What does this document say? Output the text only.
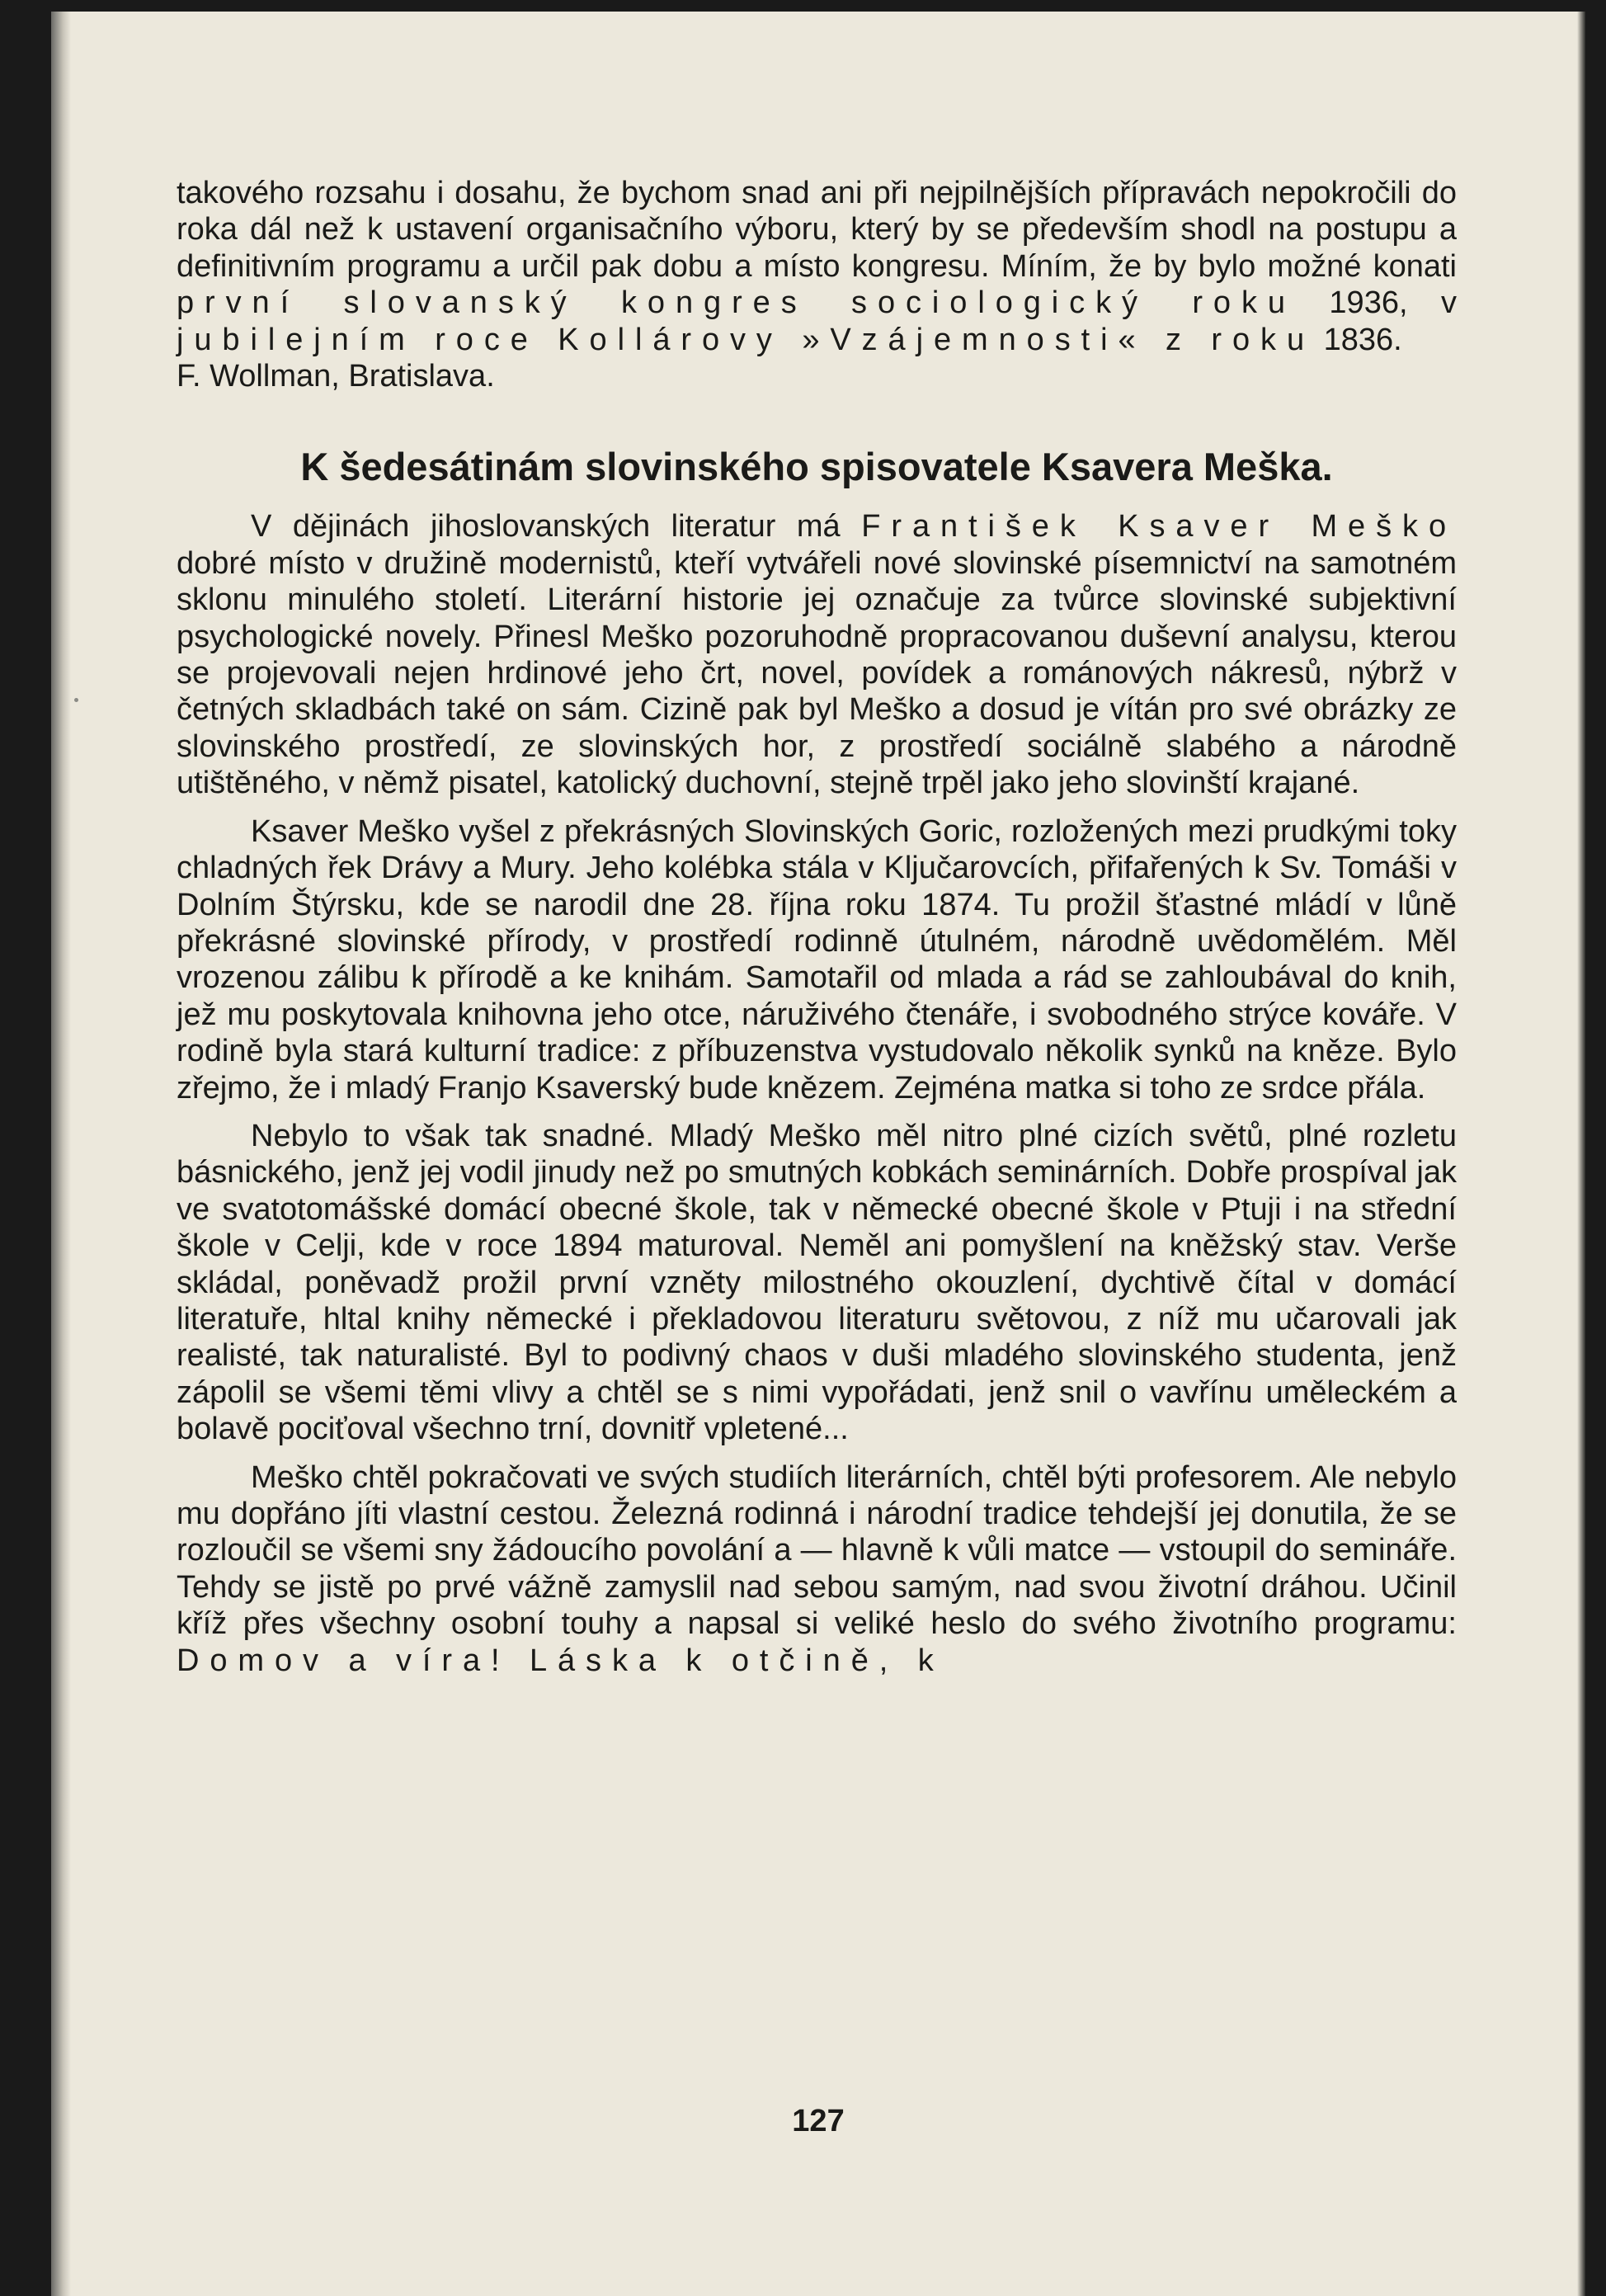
takového rozsahu i dosahu, že bychom snad ani při nejpilnějších přípravách nepokročili do roka dál než k ustavení organisačního výboru, který by se především shodl na postupu a definitivním programu a určil pak dobu a místo kongresu. Míním, že by bylo možné konati první slovanský kongres sociologický roku 1936, v jubilejním roce Kollárovy »Vzájemnosti« z roku 1836.

F. Wollman, Bratislava.

K šedesátinám slovinského spisovatele Ksavera Meška.

V dějinách jihoslovanských literatur má František Ksaver Meško dobré místo v družině modernistů, kteří vytvářeli nové slovinské písemnictví na samotném sklonu minulého století. Literární historie jej označuje za tvůrce slovinské subjektivní psychologické novely. Přinesl Meško pozoruhodně propracovanou duševní analysu, kterou se projevovali nejen hrdinové jeho črt, novel, povídek a románových nákresů, nýbrž v četných skladbách také on sám. Cizině pak byl Meško a dosud je vítán pro své obrázky ze slovinského prostředí, ze slovinských hor, z prostředí sociálně slabého a národně utištěného, v němž pisatel, katolický duchovní, stejně trpěl jako jeho slovinští krajané.

Ksaver Meško vyšel z překrásných Slovinských Goric, rozložených mezi prudkými toky chladných řek Drávy a Mury. Jeho kolébka stála v Ključarovcích, přifařených k Sv. Tomáši v Dolním Štýrsku, kde se narodil dne 28. října roku 1874. Tu prožil šťastné mládí v lůně překrásné slovinské přírody, v prostředí rodinně útulném, národně uvědomělém. Měl vrozenou zálibu k přírodě a ke knihám. Samotařil od mlada a rád se zahloubával do knih, jež mu poskytovala knihovna jeho otce, náruživého čtenáře, i svobodného strýce kováře. V rodině byla stará kulturní tradice: z příbuzenstva vystudovalo několik synků na kněze. Bylo zřejmo, že i mladý Franjo Ksaverský bude knězem. Zejména matka si toho ze srdce přála.

Nebylo to však tak snadné. Mladý Meško měl nitro plné cizích světů, plné rozletu básnického, jenž jej vodil jinudy než po smutných kobkách seminárních. Dobře prospíval jak ve svatotomášské domácí obecné škole, tak v německé obecné škole v Ptuji i na střední škole v Celji, kde v roce 1894 maturoval. Neměl ani pomyšlení na kněžský stav. Verše skládal, poněvadž prožil první vzněty milostného okouzlení, dychtivě čítal v domácí literatuře, hltal knihy německé i překladovou literaturu světovou, z níž mu učarovali jak realisté, tak naturalisté. Byl to podivný chaos v duši mladého slovinského studenta, jenž zápolil se všemi těmi vlivy a chtěl se s nimi vypořádati, jenž snil o vavřínu uměleckém a bolavě pociťoval všechno trní, dovnitř vpletené...

Meško chtěl pokračovati ve svých studiích literárních, chtěl býti profesorem. Ale nebylo mu dopřáno jíti vlastní cestou. Železná rodinná i národní tradice tehdejší jej donutila, že se rozloučil se všemi sny žádoucího povolání a — hlavně k vůli matce — vstoupil do semináře. Tehdy se jistě po prvé vážně zamyslil nad sebou samým, nad svou životní dráhou. Učinil kříž přes všechny osobní touhy a napsal si veliké heslo do svého životního programu: Domov a víra! Láska k otčině, k

127
